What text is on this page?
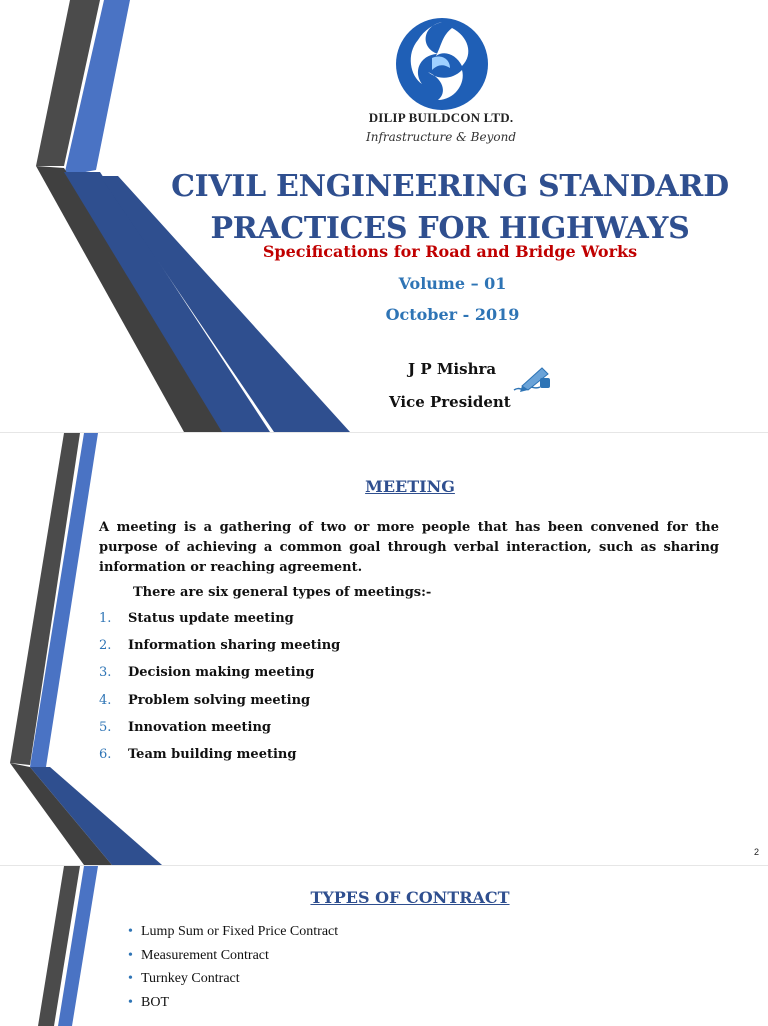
DILIP BUILDCON LTD.
Infrastructure & Beyond
CIVIL ENGINEERING STANDARD
PRACTICES FOR HIGHWAYS
Specifications for Road and Bridge Works
Volume – 01
October - 2019
J P Mishra
Vice President
MEETING
A meeting is a gathering of two or more people that has been convened for the purpose of achieving a common goal through verbal interaction, such as sharing information or reaching agreement.
There are six general types of meetings:-
1. Status update meeting
2. Information sharing meeting
3. Decision making meeting
4. Problem solving meeting
5. Innovation meeting
6. Team building meeting
2
TYPES OF CONTRACT
• Lump Sum or Fixed Price Contract
• Measurement Contract
• Turnkey Contract
• BOT
